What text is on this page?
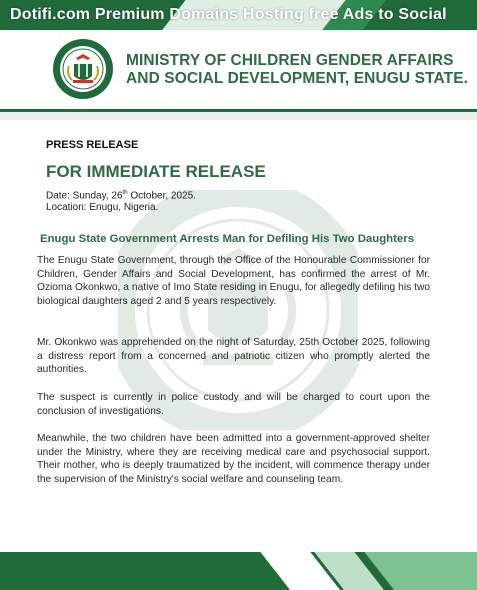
Dotifi.com Premium Domains Hosting free Ads to Social
MINISTRY OF CHILDREN GENDER AFFAIRS
AND SOCIAL DEVELOPMENT, ENUGU STATE.
PRESS RELEASE
FOR IMMEDIATE RELEASE
Date: Sunday, 26th October, 2025.
Location: Enugu, Nigeria.
Enugu State Government Arrests Man for Defiling His Two Daughters

The Enugu State Government, through the Office of the Honourable Commissioner for Children, Gender Affairs and Social Development, has confirmed the arrest of Mr. Ozioma Okonkwo, a native of Imo State residing in Enugu, for allegedly defiling his two biological daughters aged 2 and 5 years respectively.

Mr. Okonkwo was apprehended on the night of Saturday, 25th October 2025, following a distress report from a concerned and patriotic citizen who promptly alerted the authorities.

The suspect is currently in police custody and will be charged to court upon the conclusion of investigations.

Meanwhile, the two children have been admitted into a government-approved shelter under the Ministry, where they are receiving medical care and psychosocial support. Their mother, who is deeply traumatized by the incident, will commence therapy under the supervision of the Ministry's social welfare and counseling team.
